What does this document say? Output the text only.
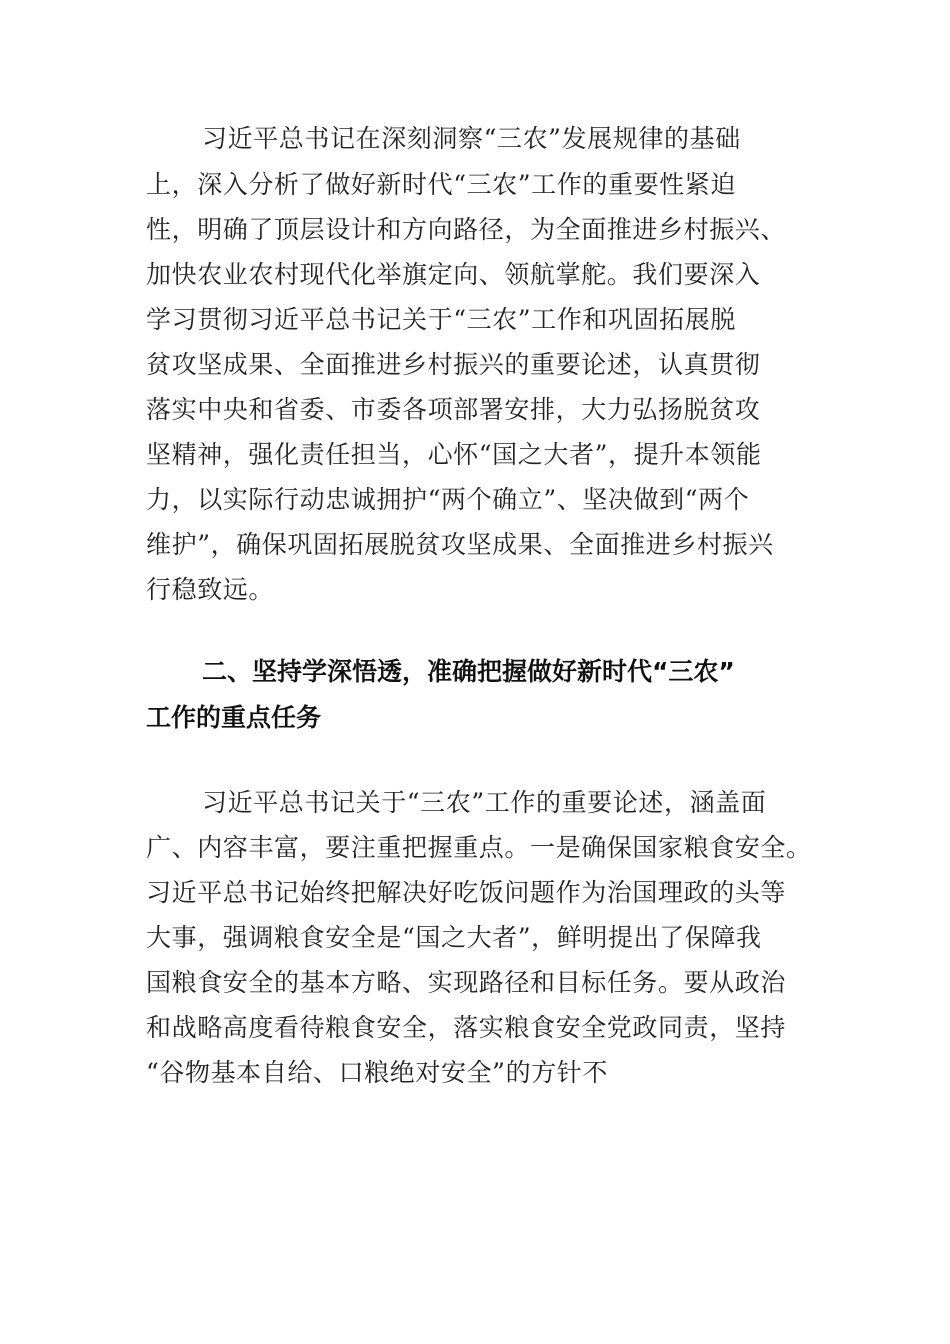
习近平总书记在深刻洞察“三农”发展规律的基础
上，深入分析了做好新时代“三农”工作的重要性紧迫
性，明确了顶层设计和方向路径，为全面推进乡村振兴、
加快农业农村现代化举旗定向、领航掌舵。我们要深入
学习贯彻习近平总书记关于“三农”工作和巩固拓展脱
贫攻坚成果、全面推进乡村振兴的重要论述，认真贯彻
落实中央和省委、市委各项部署安排，大力弘扬脱贫攻
坚精神，强化责任担当，心怀“国之大者”，提升本领能
力，以实际行动忠诚拥护“两个确立”、坚决做到“两个
维护”，确保巩固拓展脱贫攻坚成果、全面推进乡村振兴
行稳致远。
二、坚持学深悟透，准确把握做好新时代“三农”
工作的重点任务
习近平总书记关于“三农”工作的重要论述，涵盖面
广、内容丰富，要注重把握重点。一是确保国家粮食安全。
习近平总书记始终把解决好吃饭问题作为治国理政的头等
大事，强调粮食安全是“国之大者”，鲜明提出了保障我
国粮食安全的基本方略、实现路径和目标任务。要从政治
和战略高度看待粮食安全，落实粮食安全党政同责，坚持
“谷物基本自给、口粮绝对安全”的方针不
